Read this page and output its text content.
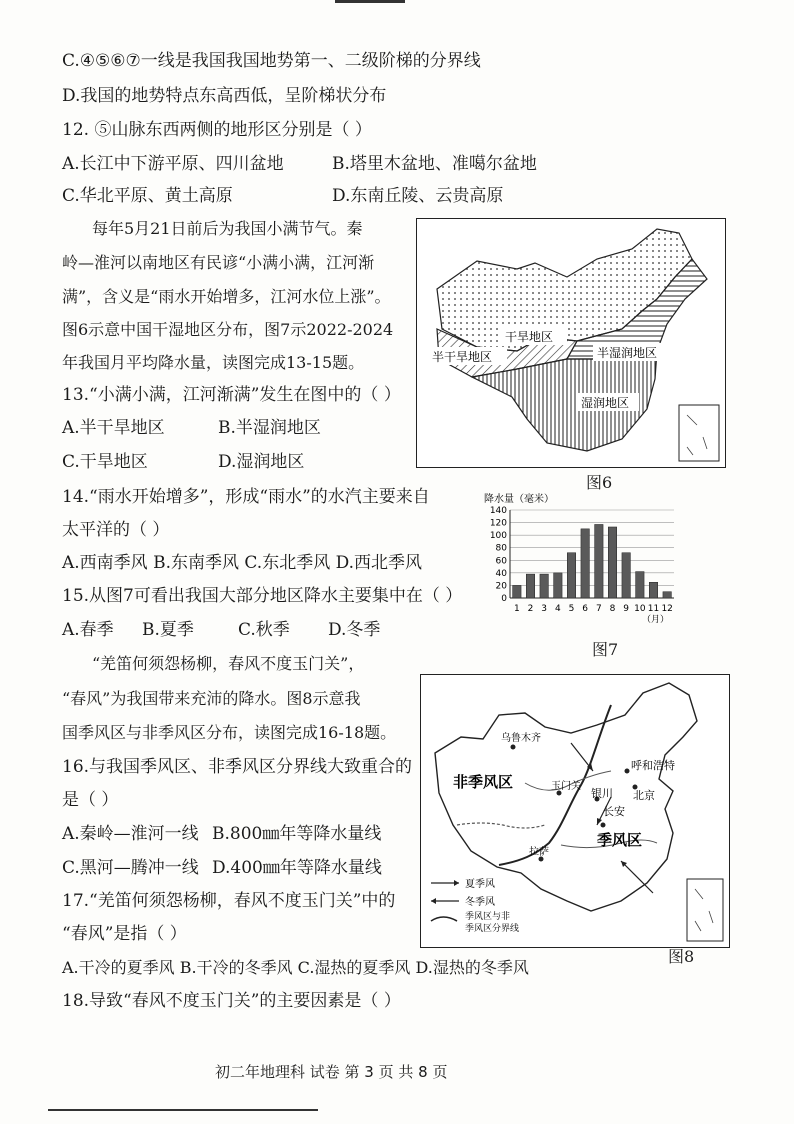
C.④⑤⑥⑦一线是我国我国地势第一、二级阶梯的分界线
D.我国的地势特点东高西低，呈阶梯状分布
12. ⑤山脉东西两侧的地形区分别是（ ）
A.长江中下游平原、四川盆地	B.塔里木盆地、准噶尔盆地
C.华北平原、黄土高原	D.东南丘陵、云贵高原
每年5月21日前后为我国小满节气。秦
岭—淮河以南地区有民谚“小满小满，江河渐
满”，含义是“雨水开始增多，江河水位上涨”。
图6示意中国干湿地区分布，图7示2022-2024
年我国月平均降水量，读图完成13-15题。
13.“小满小满，江河渐满”发生在图中的（ ）
A.半干旱地区	B.半湿润地区
C.干旱地区	D.湿润地区
14.“雨水开始增多”，形成“雨水”的水汽主要来自
太平洋的（ ）
A.西南季风 B.东南季风 C.东北季风 D.西北季风
15.从图7可看出我国大部分地区降水主要集中在（ ）
A.春季 B.夏季	C.秋季 D.冬季
“羌笛何须怨杨柳，春风不度玉门关”，
“春风”为我国带来充沛的降水。图8示意我
国季风区与非季风区分布，读图完成16-18题。
16.与我国季风区、非季风区分界线大致重合的
是（ ）
A.秦岭—淮河一线 B.800㎜年等降水量线
C.黑河—腾冲一线 D.400㎜年等降水量线
17.“羌笛何须怨杨柳，春风不度玉门关”中的
“春风”是指（ ）
A.干冷的夏季风 B.干冷的冬季风 C.湿热的夏季风 D.湿热的冬季风
18.导致“春风不度玉门关”的主要因素是（ ）
干旱地区
半干旱地区	半湿润地区
湿润地区
图6
降水量（毫米）
0
20
40
60
80
100
120
140
1 2 3 4 5 6 7 8 9 10 11 12
（月）
图7
乌鲁木齐
非季风区	玉门关
呼和浩特
银川 北京
长安
拉萨
季风区
夏季风
冬季风
季风区与非
季风区分界线
图8
初二年地理科 试卷 第 3 页 共 8 页
